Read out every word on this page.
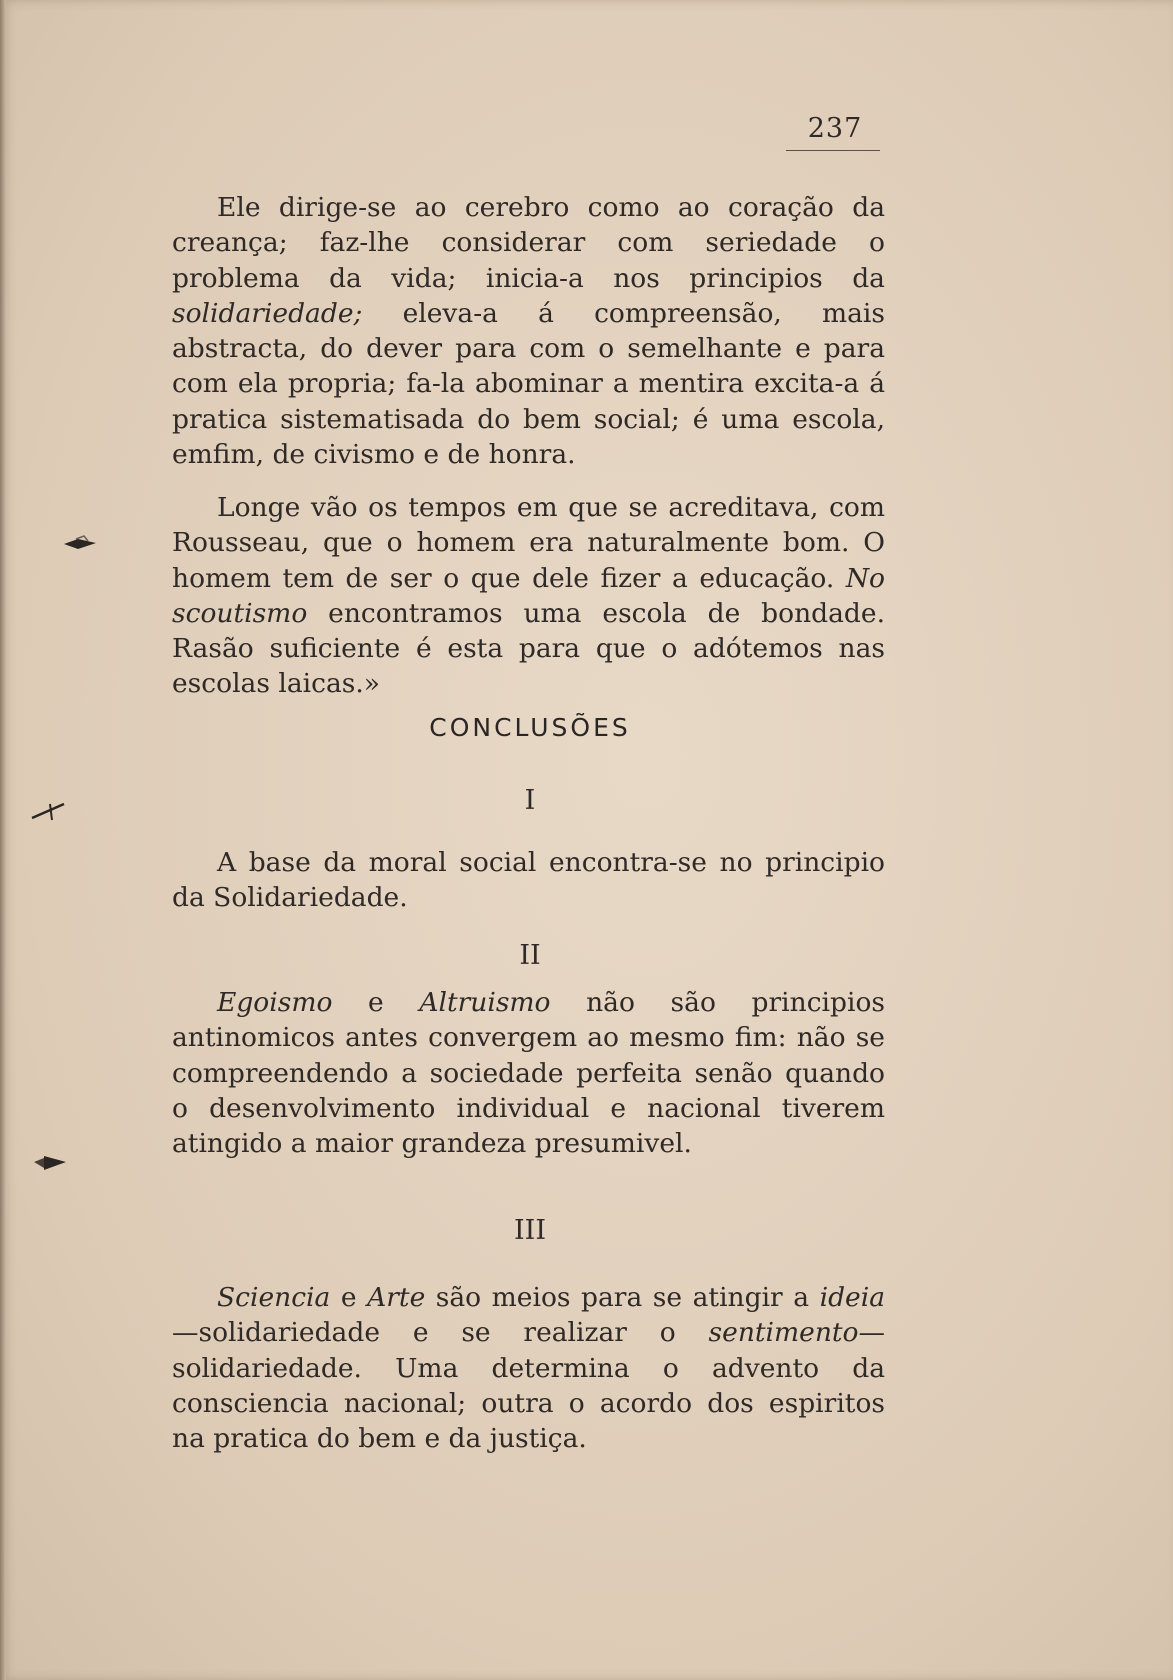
237

Ele dirige-se ao cerebro como ao coração da creança; faz-lhe considerar com seriedade o problema da vida; inicia-a nos principios da solidariedade; eleva-a á compreensão, mais abstracta, do dever para com o semelhante e para com ela propria; fa-la abominar a mentira excita-a á pratica sistematisada do bem social; é uma escola, emfim, de civismo e de honra.

Longe vão os tempos em que se acreditava, com Rousseau, que o homem era naturalmente bom. O homem tem de ser o que dele fizer a educação. No scoutismo encontramos uma escola de bondade. Rasão suficiente é esta para que o adótemos nas escolas laicas.»

CONCLUSÕES
I

A base da moral social encontra-se no principio da Solidariedade.

II

Egoismo e Altruismo não são principios antinomicos antes convergem ao mesmo fim: não se compreendendo a sociedade perfeita senão quando o desenvolvimento individual e nacional tiverem atingido a maior grandeza presumivel.

III

Sciencia e Arte são meios para se atingir a ideia —solidariedade e se realizar o sentimento—solidariedade. Uma determina o advento da consciencia nacional; outra o acordo dos espiritos na pratica do bem e da justiça.
